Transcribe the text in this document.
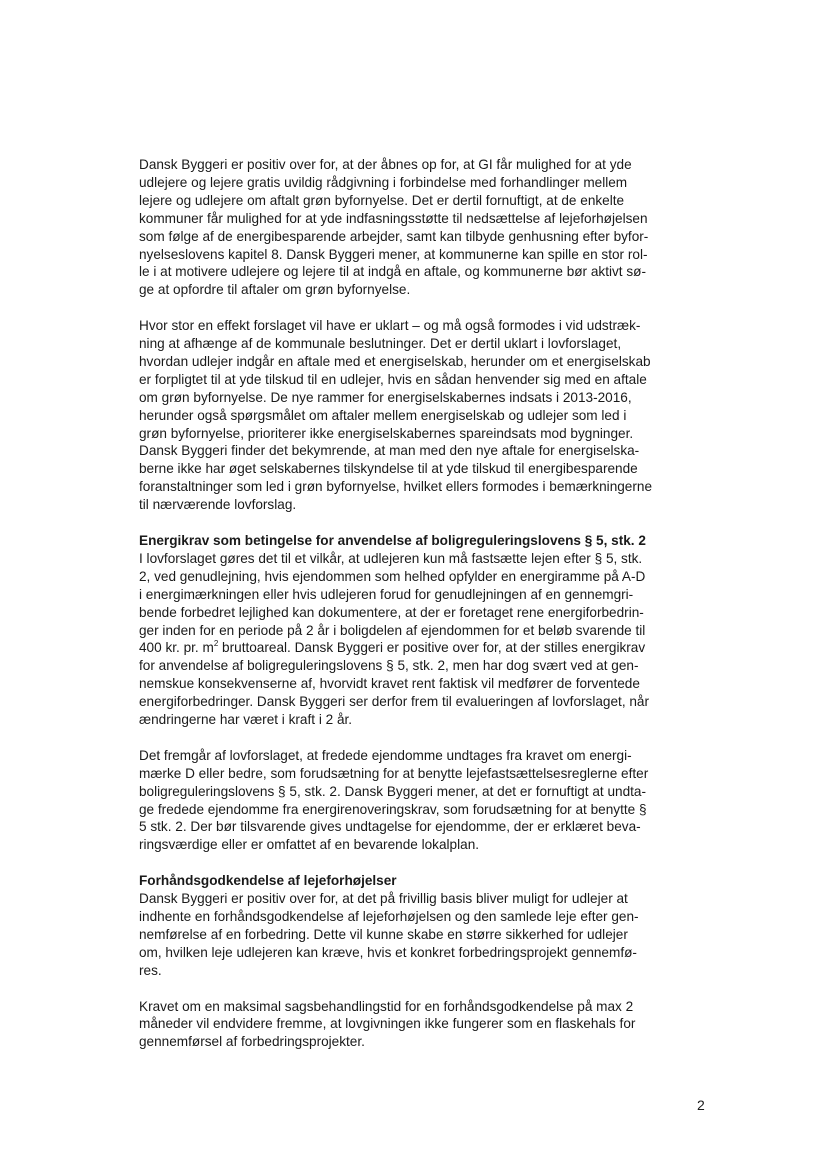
Dansk Byggeri er positiv over for, at der åbnes op for, at GI får mulighed for at yde
udlejere og lejere gratis uvildig rådgivning i forbindelse med forhandlinger mellem
lejere og udlejere om aftalt grøn byfornyelse. Det er dertil fornuftigt, at de enkelte
kommuner får mulighed for at yde indfasningsstøtte til nedsættelse af lejeforhøjelsen
som følge af de energibesparende arbejder, samt kan tilbyde genhusning efter byfor-
nyelseslovens kapitel 8. Dansk Byggeri mener, at kommunerne kan spille en stor rol-
le i at motivere udlejere og lejere til at indgå en aftale, og kommunerne bør aktivt sø-
ge at opfordre til aftaler om grøn byfornyelse.
Hvor stor en effekt forslaget vil have er uklart – og må også formodes i vid udstræk-
ning at afhænge af de kommunale beslutninger. Det er dertil uklart i lovforslaget,
hvordan udlejer indgår en aftale med et energiselskab, herunder om et energiselskab
er forpligtet til at yde tilskud til en udlejer, hvis en sådan henvender sig med en aftale
om grøn byfornyelse. De nye rammer for energiselskabernes indsats i 2013-2016,
herunder også spørgsmålet om aftaler mellem energiselskab og udlejer som led i
grøn byfornyelse, prioriterer ikke energiselskabernes spareindsats mod bygninger.
Dansk Byggeri finder det bekymrende, at man med den nye aftale for energiselska-
berne ikke har øget selskabernes tilskyndelse til at yde tilskud til energibesparende
foranstaltninger som led i grøn byfornyelse, hvilket ellers formodes i bemærkningerne
til nærværende lovforslag.
Energikrav som betingelse for anvendelse af boligreguleringslovens § 5, stk. 2
I lovforslaget gøres det til et vilkår, at udlejeren kun må fastsætte lejen efter § 5, stk.
2, ved genudlejning, hvis ejendommen som helhed opfylder en energiramme på A-D
i energimærkningen eller hvis udlejeren forud for genudlejningen af en gennemgri-
bende forbedret lejlighed kan dokumentere, at der er foretaget rene energiforbedrin-
ger inden for en periode på 2 år i boligdelen af ejendommen for et beløb svarende til
400 kr. pr. $m^2$ bruttoareal. Dansk Byggeri er positive over for, at der stilles energikrav
for anvendelse af boligreguleringslovens § 5, stk. 2, men har dog svært ved at gen-
nemskue konsekvenserne af, hvorvidt kravet rent faktisk vil medfører de forventede
energiforbedringer. Dansk Byggeri ser derfor frem til evalueringen af lovforslaget, når
ændringerne har været i kraft i 2 år.
Det fremgår af lovforslaget, at fredede ejendomme undtages fra kravet om energi-
mærke D eller bedre, som forudsætning for at benytte lejefastsættelsesreglerne efter
boligreguleringslovens § 5, stk. 2. Dansk Byggeri mener, at det er fornuftigt at undta-
ge fredede ejendomme fra energirenoveringskrav, som forudsætning for at benytte §
5 stk. 2. Der bør tilsvarende gives undtagelse for ejendomme, der er erklæret beva-
ringsværdige eller er omfattet af en bevarende lokalplan.
Forhåndsgodkendelse af lejeforhøjelser
Dansk Byggeri er positiv over for, at det på frivillig basis bliver muligt for udlejer at
indhente en forhåndsgodkendelse af lejeforhøjelsen og den samlede leje efter gen-
nemførelse af en forbedring. Dette vil kunne skabe en større sikkerhed for udlejer
om, hvilken leje udlejeren kan kræve, hvis et konkret forbedringsprojekt gennemfø-
res.
Kravet om en maksimal sagsbehandlingstid for en forhåndsgodkendelse på max 2
måneder vil endvidere fremme, at lovgivningen ikke fungerer som en flaskehals for
gennemførsel af forbedringsprojekter.
2
